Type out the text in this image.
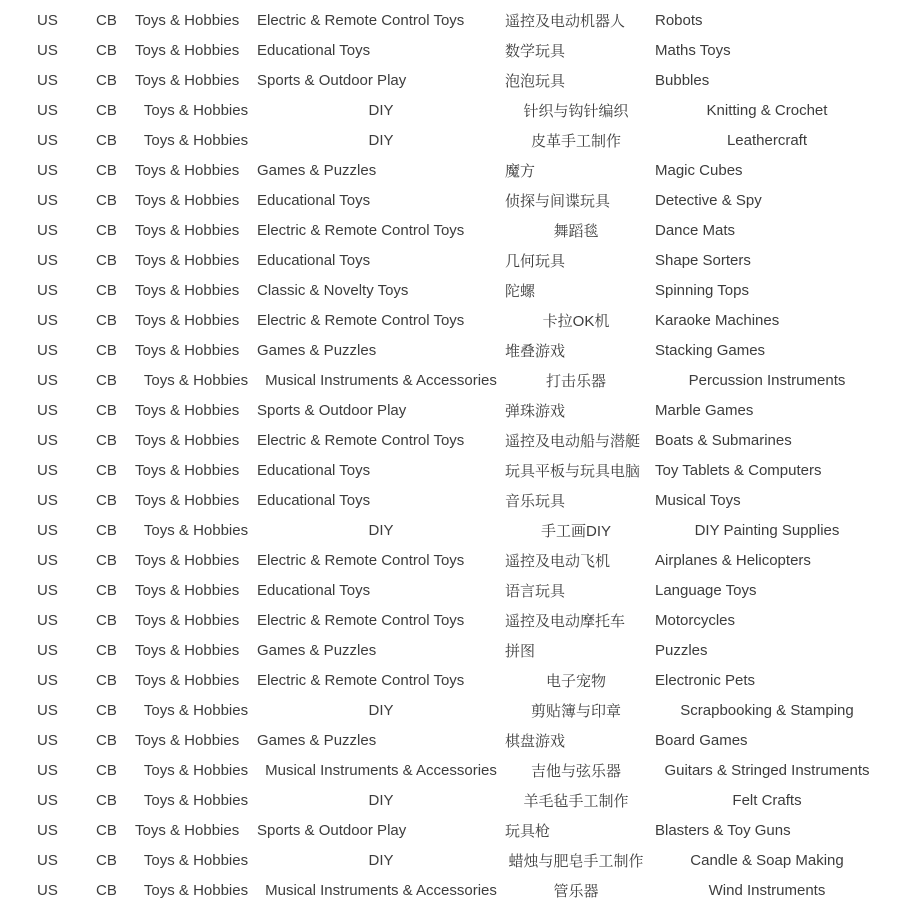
US	CB	Toys & Hobbies	Electric & Remote Control Toys	遥控及电动机器人	Robots
US	CB	Toys & Hobbies	Educational Toys	数学玩具	Maths Toys
US	CB	Toys & Hobbies	Sports & Outdoor Play	泡泡玩具	Bubbles
US	CB	Toys & Hobbies	DIY	针织与钩针编织	Knitting & Crochet
US	CB	Toys & Hobbies	DIY	皮革手工制作	Leathercraft
US	CB	Toys & Hobbies	Games & Puzzles	魔方	Magic Cubes
US	CB	Toys & Hobbies	Educational Toys	侦探与间谍玩具	Detective & Spy
US	CB	Toys & Hobbies	Electric & Remote Control Toys	舞蹈毯	Dance Mats
US	CB	Toys & Hobbies	Educational Toys	几何玩具	Shape Sorters
US	CB	Toys & Hobbies	Classic & Novelty Toys	陀螺	Spinning Tops
US	CB	Toys & Hobbies	Electric & Remote Control Toys	卡拉OK机	Karaoke Machines
US	CB	Toys & Hobbies	Games & Puzzles	堆叠游戏	Stacking Games
US	CB	Toys & Hobbies	Musical Instruments & Accessories	打击乐器	Percussion Instruments
US	CB	Toys & Hobbies	Sports & Outdoor Play	弹珠游戏	Marble Games
US	CB	Toys & Hobbies	Electric & Remote Control Toys	遥控及电动船与潜艇 Boats & Submarines
US	CB	Toys & Hobbies	Educational Toys	玩具平板与玩具电脑 Toy Tablets & Computers
US	CB	Toys & Hobbies	Educational Toys	音乐玩具	Musical Toys
US	CB	Toys & Hobbies	DIY	手工画DIY	DIY Painting Supplies
US	CB	Toys & Hobbies	Electric & Remote Control Toys	遥控及电动飞机	Airplanes & Helicopters
US	CB	Toys & Hobbies	Educational Toys	语言玩具	Language Toys
US	CB	Toys & Hobbies	Electric & Remote Control Toys	遥控及电动摩托车	Motorcycles
US	CB	Toys & Hobbies	Games & Puzzles	拼图	Puzzles
US	CB	Toys & Hobbies	Electric & Remote Control Toys	电子宠物	Electronic Pets
US	CB	Toys & Hobbies	DIY	剪贴簿与印章	Scrapbooking & Stamping
US	CB	Toys & Hobbies	Games & Puzzles	棋盘游戏	Board Games
US	CB	Toys & Hobbies	Musical Instruments & Accessories	吉他与弦乐器	Guitars & Stringed Instruments
US	CB	Toys & Hobbies	DIY	羊毛毡手工制作	Felt Crafts
US	CB	Toys & Hobbies	Sports & Outdoor Play	玩具枪	Blasters & Toy Guns
US	CB	Toys & Hobbies	DIY	蜡烛与肥皂手工制作	Candle & Soap Making
US	CB	Toys & Hobbies	Musical Instruments & Accessories	管乐器	Wind Instruments
